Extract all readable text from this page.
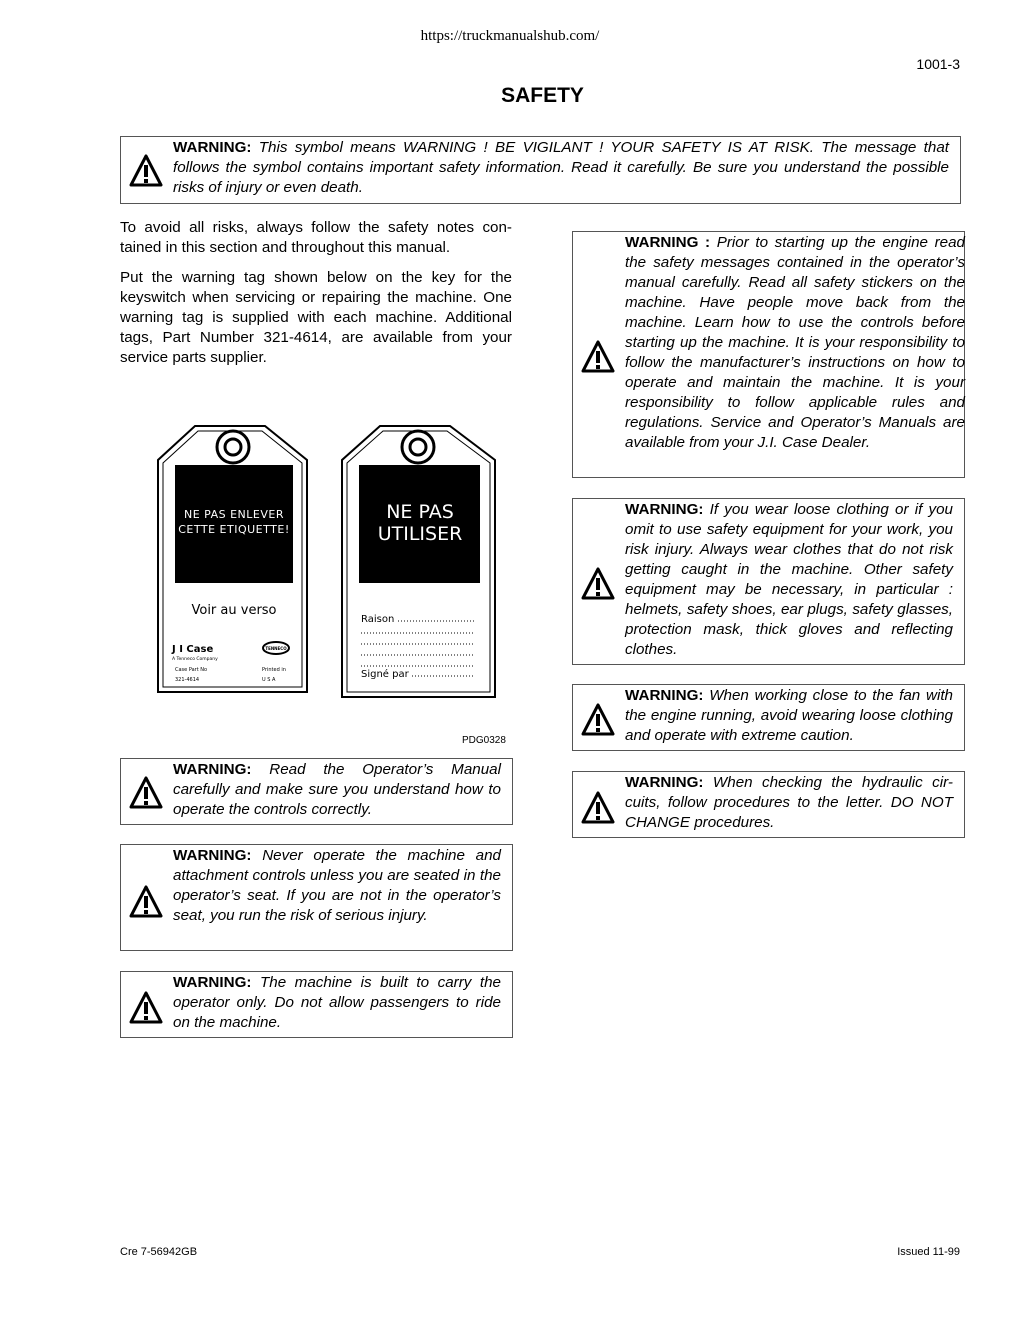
https://truckmanualshub.com/
1001-3
SAFETY
WARNING: This symbol means WARNING ! BE VIGILANT ! YOUR SAFETY IS AT RISK. The message that follows the symbol contains important safety information. Read it carefully. Be sure you understand the possible risks of injury or even death.
To avoid all risks, always follow the safety notes con- tained in this section and throughout this manual.
Put the warning tag shown below on the key for the keyswitch when servicing or repairing the machine. One warning tag is supplied with each machine. Additional tags, Part Number 321-4614, are available from your service parts supplier.
NE PAS ENLEVER
CETTE ETIQUETTE!
Voir au verso
J I Case
A Tenneco Company
Case Part No
321-4614
TENNECO
Printed in
U S A
NE PAS
UTILISER
Raison
Signé par
PDG0328
WARNING: Read the Operator’s Manual carefully and make sure you understand how to operate the controls correctly.
WARNING: Never operate the machine and attachment controls unless you are seated in the operator’s seat. If you are not in the operator’s seat, you run the risk of serious injury.
WARNING: The machine is built to carry the operator only. Do not allow passengers to ride on the machine.
WARNING : Prior to starting up the engine read the safety messages contained in the operator’s manual carefully. Read all safety stickers on the machine. Have people move back from the machine. Learn how to use the controls before starting up the machine. It is your responsibility to follow the manufacturer’s instructions on how to operate and maintain the machine. It is your responsibility to follow applicable rules and regulations. Service and Operator’s Manuals are available from your J.I. Case Dealer.
WARNING: If you wear loose clothing or if you omit to use safety equipment for your work, you risk injury. Always wear clothes that do not risk getting caught in the machine. Other safety equipment may be necessary, in particular : helmets, safety shoes, ear plugs, safety glasses, protection mask, thick gloves and reflecting clothes.
WARNING: When working close to the fan with the engine running, avoid wearing loose clothing and operate with extreme caution.
WARNING: When checking the hydraulic cir- cuits, follow procedures to the letter. DO NOT CHANGE procedures.
Cre 7-56942GB	Issued 11-99
